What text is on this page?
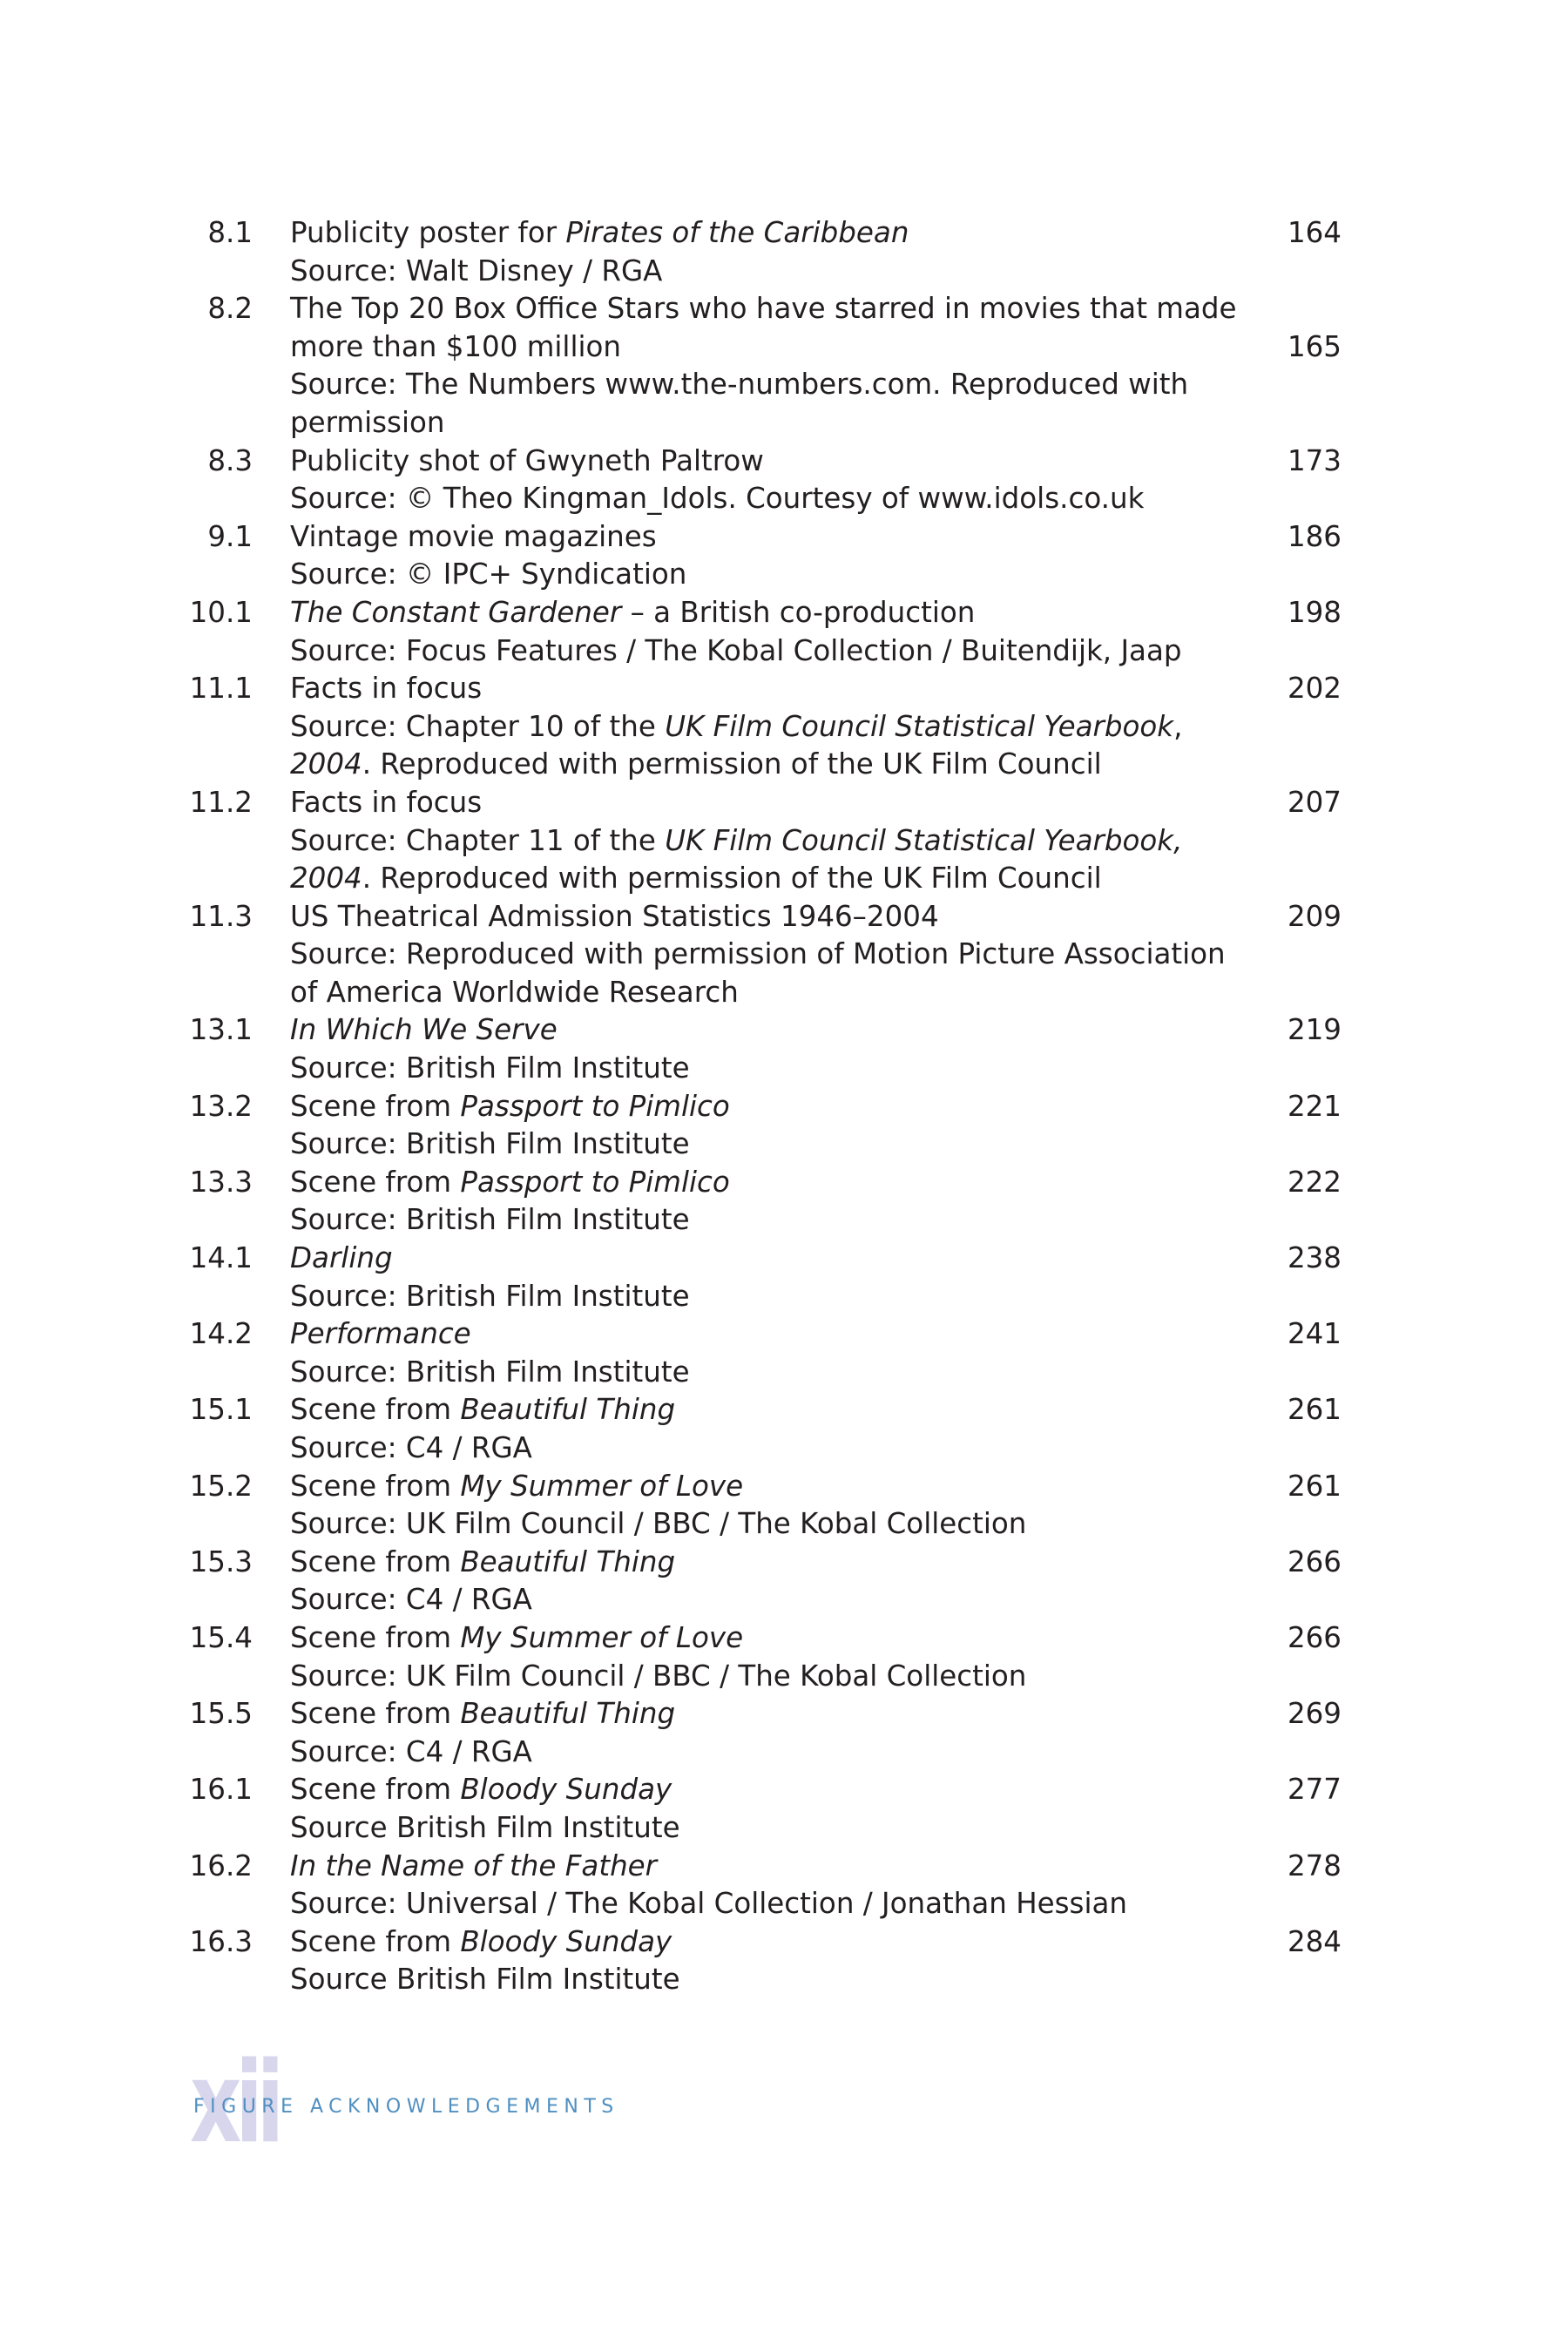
8.1 Publicity poster for Pirates of the Caribbean
Source: Walt Disney / RGA
164
8.2 The Top 20 Box Office Stars who have starred in movies that made
more than $100 million
Source: The Numbers www.the-numbers.com. Reproduced with
permission
165
8.3 Publicity shot of Gwyneth Paltrow
Source: © Theo Kingman_Idols. Courtesy of www.idols.co.uk
173
9.1 Vintage movie magazines
Source: © IPC+ Syndication
186
10.1 The Constant Gardener – a British co-production
Source: Focus Features / The Kobal Collection / Buitendijk, Jaap
198
11.1 Facts in focus
Source: Chapter 10 of the UK Film Council Statistical Yearbook,
2004. Reproduced with permission of the UK Film Council
202
11.2 Facts in focus
Source: Chapter 11 of the UK Film Council Statistical Yearbook,
2004. Reproduced with permission of the UK Film Council
207
11.3 US Theatrical Admission Statistics 1946–2004
Source: Reproduced with permission of Motion Picture Association
of America Worldwide Research
209
13.1 In Which We Serve
Source: British Film Institute
219
13.2 Scene from Passport to Pimlico
Source: British Film Institute
221
13.3 Scene from Passport to Pimlico
Source: British Film Institute
222
14.1 Darling
Source: British Film Institute
238
14.2 Performance
Source: British Film Institute
241
15.1 Scene from Beautiful Thing
Source: C4 / RGA
261
15.2 Scene from My Summer of Love
Source: UK Film Council / BBC / The Kobal Collection
261
15.3 Scene from Beautiful Thing
Source: C4 / RGA
266
15.4 Scene from My Summer of Love
Source: UK Film Council / BBC / The Kobal Collection
266
15.5 Scene from Beautiful Thing
Source: C4 / RGA
269
16.1 Scene from Bloody Sunday
Source British Film Institute
277
16.2 In the Name of the Father
Source: Universal / The Kobal Collection / Jonathan Hessian
278
16.3 Scene from Bloody Sunday
Source British Film Institute
284
xii
FIGURE ACKNOWLEDGEMENTS
